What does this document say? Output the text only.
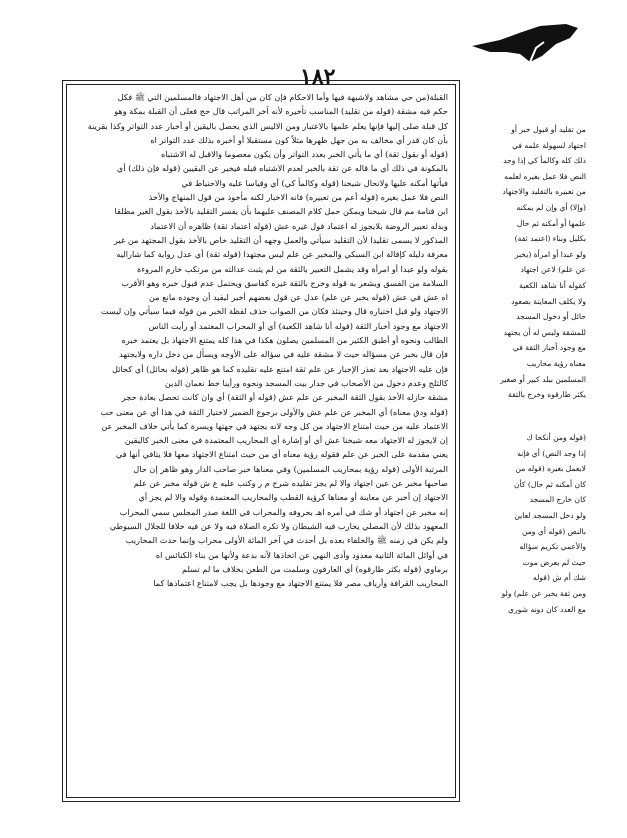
١٨٢
القبلة(من حي مشاهد ولاشبهة فيها وأما الاحكام فإن كان من أهل الاجتهاد فالمسلمين التي ﷺ فكل
حكم فيه مشقة (قوله من تقليد) المناسب تأخيره لأنه آخر المراتب قال حج فعلى أن القبلة بمكة وهو
كل قبلة صلى إليها فإنها يعلم علمها بالاعتبار ومن الاليس الذي يحصل باليقين أو أخبار عدد التواتر وكذا بقرينة
بأن كان قدر أي مخالف به من جهل ظهرها مثلاً كون مستقبلا أو أخبره بذلك عدد التواتر اه
(قوله أو بقول ثقة) أي ما يأتي الخبر بعدد التواتر وأن يكون معصوما والاقبل له الاشتباه
بالمكونة في ذلك أي ما قاله عن ثقة بالخبر لعدم الاشتباه قبله فيخير عن البقيين (قوله فإن ذلك) أي
فيأتها أمكنه عليها ولاتحال شيخنا (قوله وكالمأ كي) أي وقياسا عليه والاحتياط في
النص فلا عمل بغيره (قوله أعم من تعبيره) فانه الاخبار لكنه مأخوذ من قول المنهاج والأخذ
ابن قتامة مم قال شيخنا ويمكن حمل كلام المصنف عليهما بأن يفسر التقليد بالأخذ بقول الغير مطلقا
وبدله تعبير الروضة بلايجوز له اعتماد قول غيره عش (قوله اعتماد ثقة) ظاهره أن الاعتماد
المذكور لا يسمى تقليدا لأن التقليد سيأتي والعمل وجهه أن التقليد خاص بالأخذ بقول المجتهد من غير
معرفة دليله كإقالة ابن السبكي والمخبر عن علم ليس مجتهدا (قوله ثقة) أي عدل رواية كما شاراليه
بقوله ولو عبدا أو امرأة وقد يشمل التعبير بالثقة من لم يثبت عدالته من مرتكب خارم المروءة
السلامة من الفسق ويشعر به قوله وخرج بالثقة غيره كفاسق ويحتمل عدم قبول خبره وهو الأقرب
اه عش في عش (قوله يخبر عن علم) عدل عن قول بعضهم أخبر ليفيد أن وجوده مانع من
الاجتهاد ولو قبل اختياره قال وحينئذ فكان من الصواب حذف لفظة الخبر من قوله فيما سيأتي وإن ليست
الاجتهاد مع وجود أخبار الثقة (قوله أنا شاهد الكعبة) أي أو المحراب المعتمد أو رأيت الناس
الطالب ونحوه أو أطبق الكثير من المسلمين يصلون هكذا في هذا كله يمتنع الاجتهاد بل يعتمد خبره
فإن قال بخبر عن مسؤاله حيث لا مشقة عليه في سؤاله على الأوجه ويسأل من دخل داره ولايجتهد
فإن عليه الاجتهاد بعد تعذر الإخبار عن علم ثقة امتنع عليه تقليده كما هو ظاهر (قوله بحائل) أي كحائل
كالثلج وعدم دخول من الأصحاب في جدار بيت المسجد ونحوه ورأينا خط نعمان الدين
مشقة حازله الأخذ بقول الثقة المخبر عن علم عش (قوله أو الثقة) أي وان كانت تحصل بعادة حجر
(قوله ودق معناه) أي المخبر عن علم عش والأولى برجوع الضمير لاختيار الثقة في هذا أي عن معنى حب
الاعتماد عليه من حيث امتناع الاجتهاد من كل وجه لانه يجتهد في جهتها ويسرة كما يأتي خلاف المخبر عن
إن لايجوز له الاجتهاد معه شيخنا عش أي أو إشارة أي المحاريب المعتمدة في معنى الخبر كاليقين
يعني مقدمة على الخبر عن علم فقوله رؤية معناه أي من حيث امتناع الاجتهاد معها فلا يتافي أنها في
المرتبة الأولى (قوله رؤية بمحاريب المسلمين) وفي معناها خبر صاحب الدار وهو ظاهر إن حال
صاحبها مخبر عن عين اجتهاد والا لم يجز تقليده شرح م ر وكتب عليه ع ش قوله مخبر عن علم
الاجتهاد إن أخبر عن معاينة أو معناها كرؤية القطب والمحاريب المعتمدة وقوله والا لم يجز أي
إنه مخبر عن اجتهاد أو شك في أمره اهـ بحروفه والمحراب في اللغة صدر المجلس سمي المحراب
المعهود بذلك لأن المصلي يحارب فيه الشيطان ولا تكره الصلاة فيه ولا عن فيه خلافا للجلال السيوطي
ولم يكن في زمنه ﷺ والخلفاء بعده بل أحدث في آخر المائة الأولى محراب وإنما حدث المحاريب
في أوائل المائة الثانية معدود وأدى النهي عن اتخاذها لأنه بدعة ولأنها من بناء الكنائس اه
برماوي (قوله بكثر طارقوه) أي العارفون وسلمت من الطعن بخلاف ما لم تسلم
المحاريب القرافة وأرياف مصر فلا يمتنع الاجتهاد مع وجودها بل يجب لامتناع اعتمادها كما
من تقليد أو قبول خبر أو
اجتهاد لسهولة علمه في
ذلك كله وكالمأ كي إذا وجد
النص فلا عمل بغيره لعلمه
من تعبيره بالتقليد والاجتهاد
(وإلا) أي وإن لم يمكنه
علمها أو أمكنه ثم حال
بكليل وبناء (اعتمد ثقة)
ولو عبدا أو امرأة (يخبر
عن علم) لاعن اجتهاد
كقوله أنا شاهد الكعبة
ولا يكلف المعاينة بصعود
حائل أو دخول المسجد
للمشقة وليس له أن يجتهد
مع وجود أخبار الثقة في
معناه رؤية محاريب
المسلمين ببلد كبير أو صغير
يكثر طارقوه وخرج بالثقة
(قوله ومن أنكحا ك
إذا وجد النص) أي فإنه
لايعمل بغيره (قوله من
كان أمكنه ثم حال) كأن
كان خارج المسجد
ولو دخل المسجد لعاين
بالنص (قوله أي ومن
والأعمي تكريم سؤاله
حيث لم يعرض موت
شك أم ش (قوله
ومن ثقة يخبر عن علم) ولو
مع العدد كان دونه شوري
